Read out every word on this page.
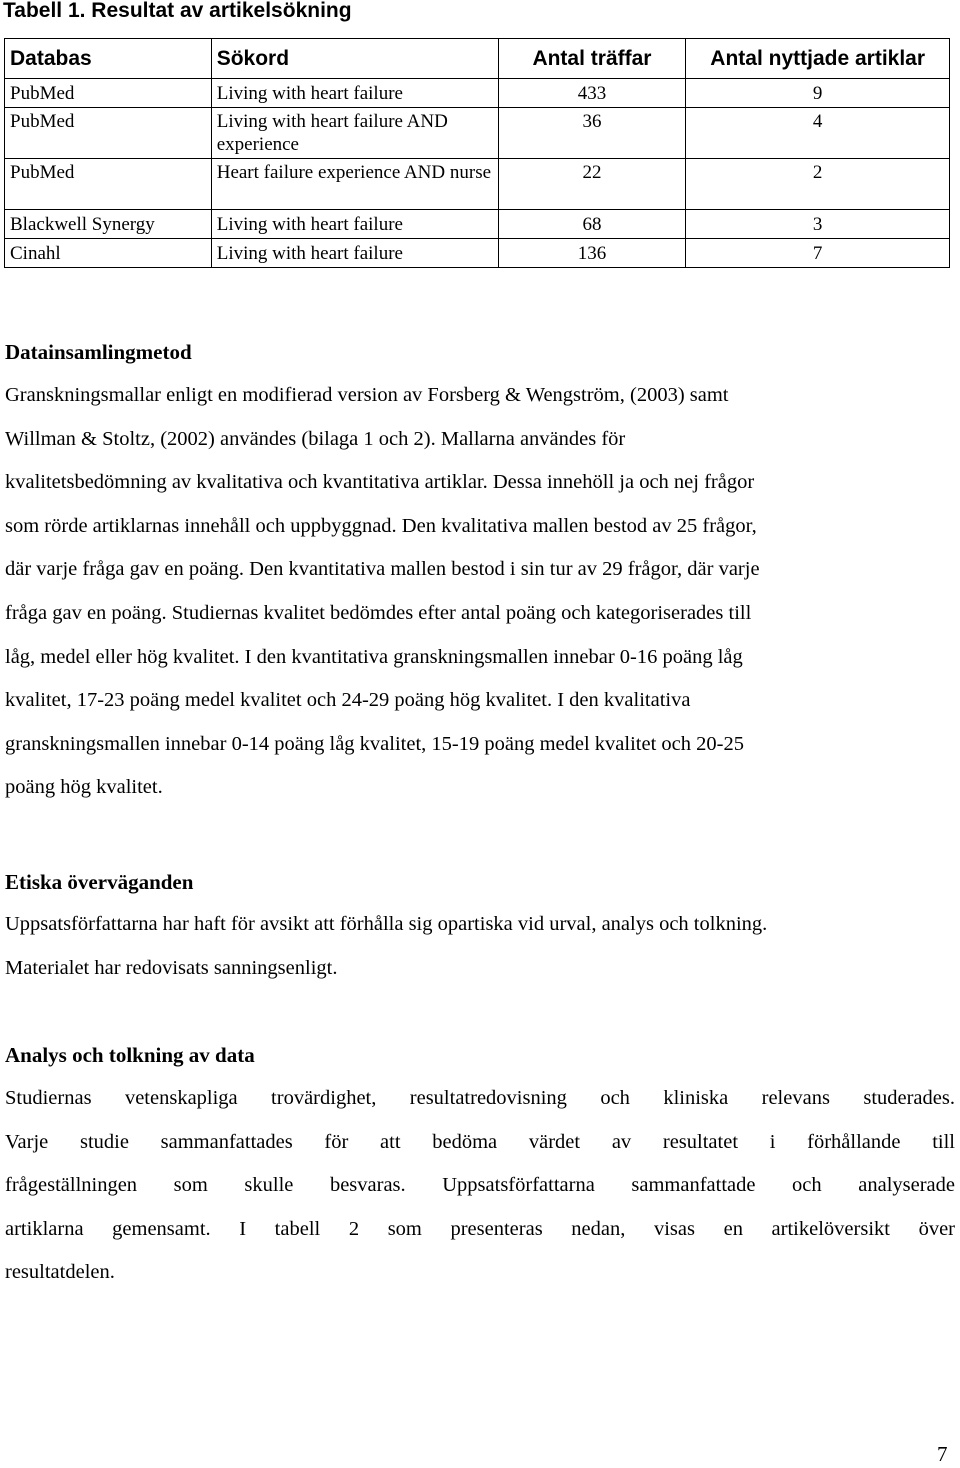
Tabell 1. Resultat av artikelsökning
Databas	Sökord	Antal träffar	Antal nyttjade artiklar
PubMed	Living with heart failure	433	9
PubMed	Living with heart failure AND experience	36	4
PubMed	Heart failure experience AND nurse	22	2
Blackwell Synergy	Living with heart failure	68	3
Cinahl	Living with heart failure	136	7
Datainsamlingmetod
Granskningsmallar enligt en modifierad version av Forsberg & Wengström, (2003) samt
Willman & Stoltz, (2002) användes (bilaga 1 och 2). Mallarna användes för
kvalitetsbedömning av kvalitativa och kvantitativa artiklar. Dessa innehöll ja och nej frågor
som rörde artiklarnas innehåll och uppbyggnad. Den kvalitativa mallen bestod av 25 frågor,
där varje fråga gav en poäng. Den kvantitativa mallen bestod i sin tur av 29 frågor, där varje
fråga gav en poäng. Studiernas kvalitet bedömdes efter antal poäng och kategoriserades till
låg, medel eller hög kvalitet. I den kvantitativa granskningsmallen innebar 0-16 poäng låg
kvalitet, 17-23 poäng medel kvalitet och 24-29 poäng hög kvalitet. I den kvalitativa
granskningsmallen innebar 0-14 poäng låg kvalitet, 15-19 poäng medel kvalitet och 20-25
poäng hög kvalitet.
Etiska överväganden
Uppsatsförfattarna har haft för avsikt att förhålla sig opartiska vid urval, analys och tolkning.
Materialet har redovisats sanningsenligt.
Analys och tolkning av data
Studiernas vetenskapliga trovärdighet, resultatredovisning och kliniska relevans studerades.
Varje studie sammanfattades för att bedöma värdet av resultatet i förhållande till
frågeställningen som skulle besvaras. Uppsatsförfattarna sammanfattade och analyserade
artiklarna gemensamt. I tabell 2 som presenteras nedan, visas en artikelöversikt över
resultatdelen.
7
